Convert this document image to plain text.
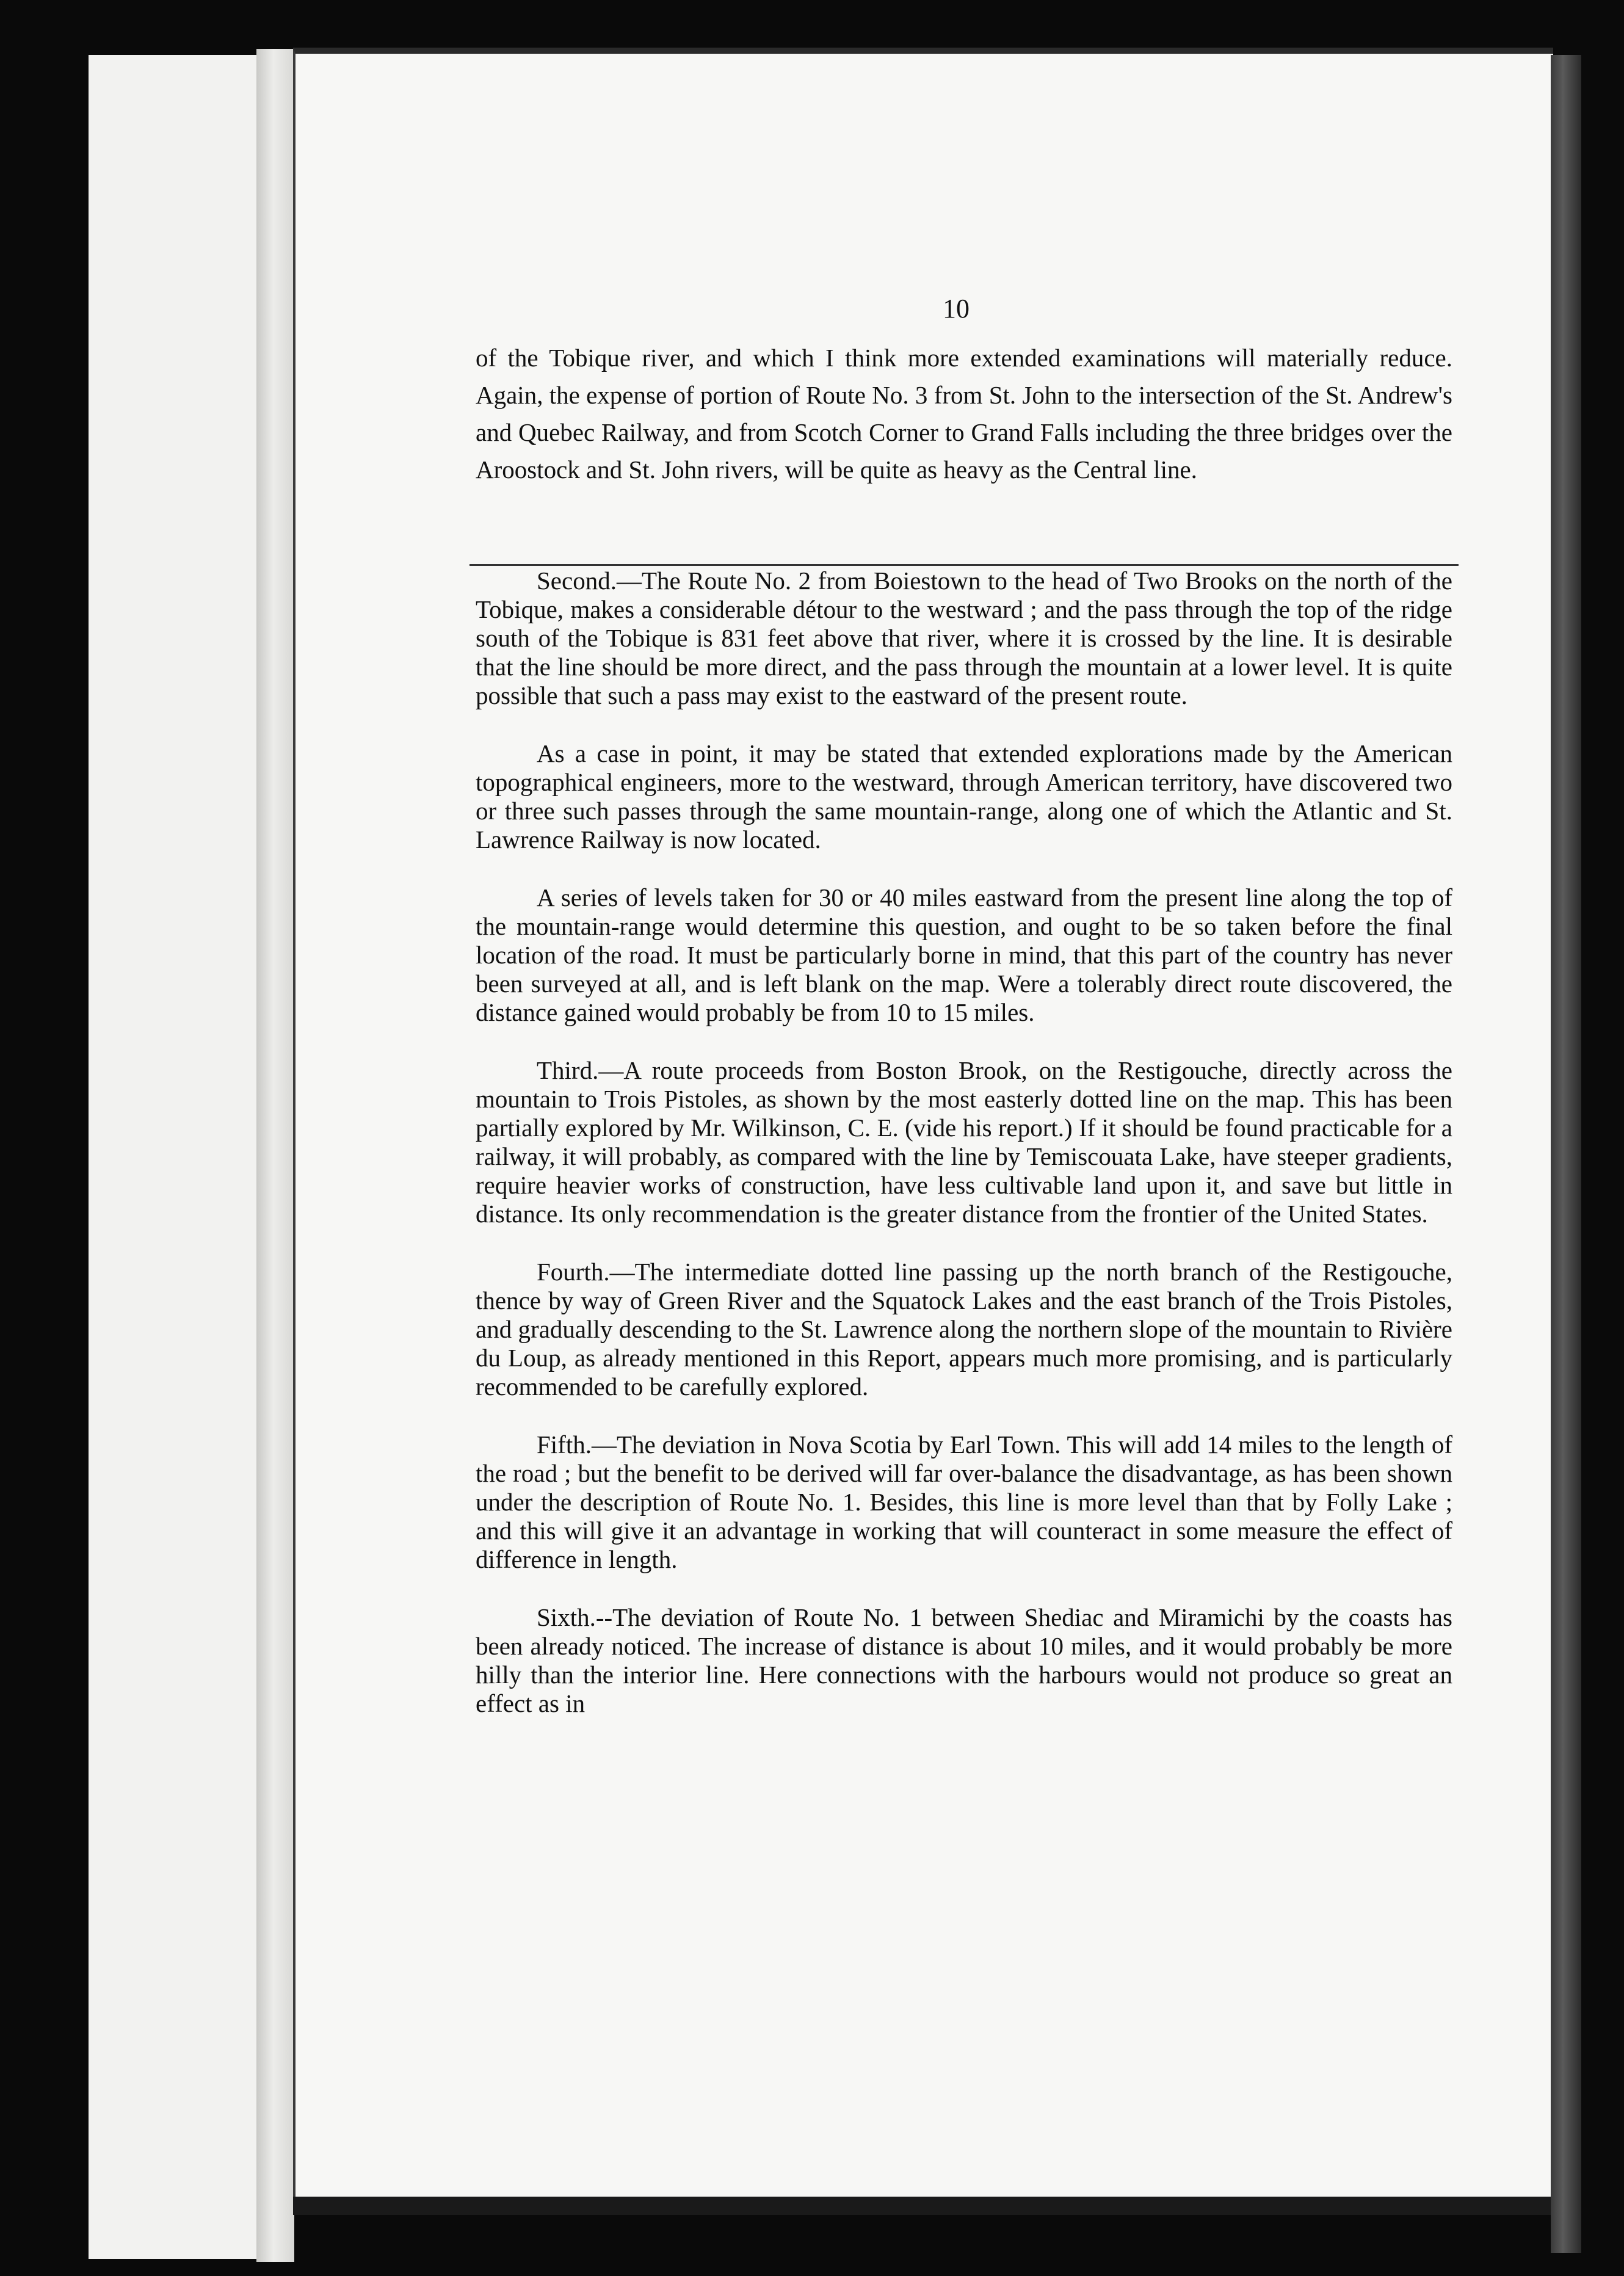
10

of the Tobique river, and which I think more extended examinations will materially reduce. Again, the expense of portion of Route No. 3 from St. John to the intersection of the St. Andrew's and Quebec Railway, and from Scotch Corner to Grand Falls including the three bridges over the Aroostock and St. John rivers, will be quite as heavy as the Central line.

Second.—The Route No. 2 from Boiestown to the head of Two Brooks on the north of the Tobique, makes a considerable détour to the westward ; and the pass through the top of the ridge south of the Tobique is 831 feet above that river, where it is crossed by the line. It is desirable that the line should be more direct, and the pass through the mountain at a lower level. It is quite possible that such a pass may exist to the eastward of the present route.

As a case in point, it may be stated that extended explorations made by the American topographical engineers, more to the westward, through American territory, have discovered two or three such passes through the same mountain-range, along one of which the Atlantic and St. Lawrence Railway is now located.

A series of levels taken for 30 or 40 miles eastward from the present line along the top of the mountain-range would determine this question, and ought to be so taken before the final location of the road. It must be particularly borne in mind, that this part of the country has never been surveyed at all, and is left blank on the map. Were a tolerably direct route discovered, the distance gained would probably be from 10 to 15 miles.

Third.—A route proceeds from Boston Brook, on the Restigouche, directly across the mountain to Trois Pistoles, as shown by the most easterly dotted line on the map. This has been partially explored by Mr. Wilkinson, C. E. (vide his report.) If it should be found practicable for a railway, it will probably, as compared with the line by Temiscouata Lake, have steeper gradients, require heavier works of construction, have less cultivable land upon it, and save but little in distance. Its only recommendation is the greater distance from the frontier of the United States.

Fourth.—The intermediate dotted line passing up the north branch of the Restigouche, thence by way of Green River and the Squatock Lakes and the east branch of the Trois Pistoles, and gradually descending to the St. Lawrence along the northern slope of the mountain to Rivière du Loup, as already mentioned in this Report, appears much more promising, and is particularly recommended to be carefully explored.

Fifth.—The deviation in Nova Scotia by Earl Town. This will add 14 miles to the length of the road ; but the benefit to be derived will far over-balance the disadvantage, as has been shown under the description of Route No. 1. Besides, this line is more level than that by Folly Lake ; and this will give it an advantage in working that will counteract in some measure the effect of difference in length.

Sixth.--The deviation of Route No. 1 between Shediac and Miramichi by the coasts has been already noticed. The increase of distance is about 10 miles, and it would probably be more hilly than the interior line. Here connections with the harbours would not produce so great an effect as in
